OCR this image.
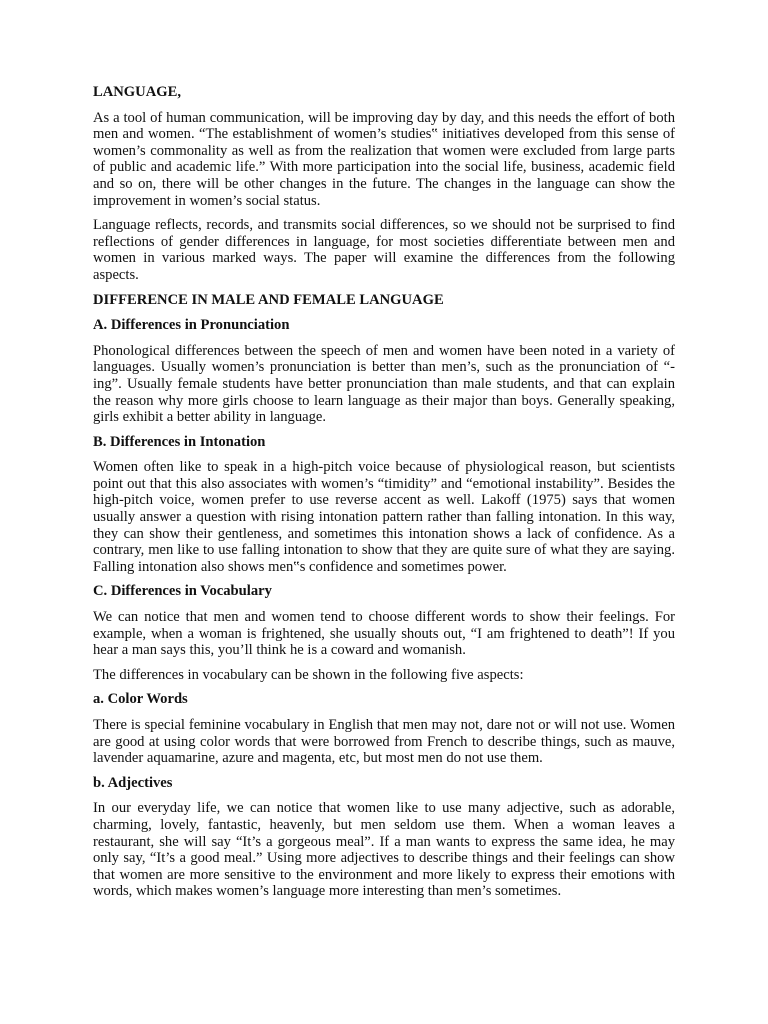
LANGUAGE,

As a tool of human communication, will be improving day by day, and this needs the effort of both men and women. “The establishment of women’s studies‟ initiatives developed from this sense of women’s commonality as well as from the realization that women were excluded from large parts of public and academic life.” With more participation into the social life, business, academic field and so on, there will be other changes in the future. The changes in the language can show the improvement in women’s social status.

Language reflects, records, and transmits social differences, so we should not be surprised to find reflections of gender differences in language, for most societies differentiate between men and women in various marked ways. The paper will examine the differences from the following aspects.

DIFFERENCE IN MALE AND FEMALE LANGUAGE
A. Differences in Pronunciation

Phonological differences between the speech of men and women have been noted in a variety of languages. Usually women’s pronunciation is better than men’s, such as the pronunciation of “-ing”. Usually female students have better pronunciation than male students, and that can explain the reason why more girls choose to learn language as their major than boys. Generally speaking, girls exhibit a better ability in language.

B. Differences in Intonation

Women often like to speak in a high-pitch voice because of physiological reason, but scientists point out that this also associates with women’s “timidity” and “emotional instability”. Besides the high-pitch voice, women prefer to use reverse accent as well. Lakoff (1975) says that women usually answer a question with rising intonation pattern rather than falling intonation. In this way, they can show their gentleness, and sometimes this intonation shows a lack of confidence. As a contrary, men like to use falling intonation to show that they are quite sure of what they are saying. Falling intonation also shows men‟s confidence and sometimes power.

C. Differences in Vocabulary

We can notice that men and women tend to choose different words to show their feelings. For example, when a woman is frightened, she usually shouts out, “I am frightened to death”! If you hear a man says this, you’ll think he is a coward and womanish.

The differences in vocabulary can be shown in the following five aspects:

a. Color Words

There is special feminine vocabulary in English that men may not, dare not or will not use. Women are good at using color words that were borrowed from French to describe things, such as mauve, lavender aquamarine, azure and magenta, etc, but most men do not use them.

b. Adjectives

In our everyday life, we can notice that women like to use many adjective, such as adorable, charming, lovely, fantastic, heavenly, but men seldom use them. When a woman leaves a restaurant, she will say “It’s a gorgeous meal”. If a man wants to express the same idea, he may only say, “It’s a good meal.” Using more adjectives to describe things and their feelings can show that women are more sensitive to the environment and more likely to express their emotions with words, which makes women’s language more interesting than men’s sometimes.
